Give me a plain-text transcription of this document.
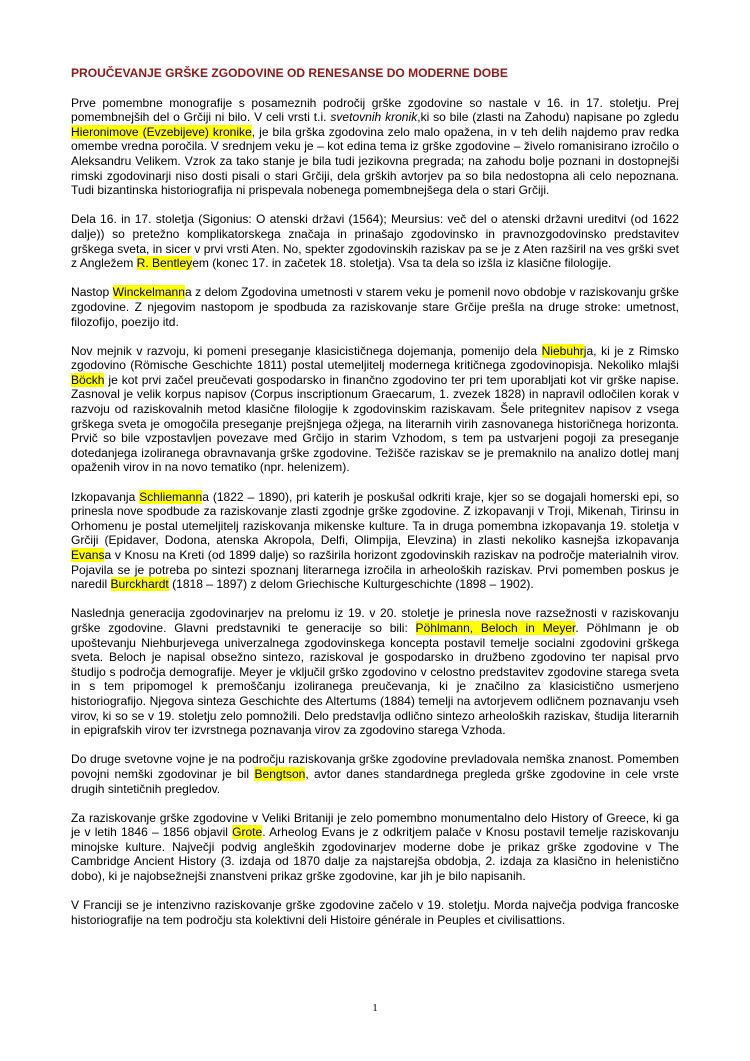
PROUČEVANJE GRŠKE ZGODOVINE OD RENESANSE DO MODERNE DOBE

Prve pomembne monografije s posameznih področij grške zgodovine so nastale v 16. in 17. stoletju. Prej pomembnejših del o Grčiji ni bilo. V celi vrsti t.i. svetovnih kronik,ki so bile (zlasti na Zahodu) napisane po zgledu Hieronimove (Evzebijeve) kronike, je bila grška zgodovina zelo malo opažena, in v teh delih najdemo prav redka omembe vredna poročila. V srednjem veku je – kot edina tema iz grške zgodovine – živelo romanisirano izročilo o Aleksandru Velikem. Vzrok za tako stanje je bila tudi jezikovna pregrada; na zahodu bolje poznani in dostopnejši rimski zgodovinarji niso dosti pisali o stari Grčiji, dela grških avtorjev pa so bila nedostopna ali celo nepoznana. Tudi bizantinska historiografija ni prispevala nobenega pomembnejšega dela o stari Grčiji.

Dela 16. in 17. stoletja (Sigonius: O atenski državi (1564); Meursius: več del o atenski državni ureditvi (od 1622 dalje)) so pretežno komplikatorskega značaja in prinašajo zgodovinsko in pravnozgodovinsko predstavitev grškega sveta, in sicer v prvi vrsti Aten. No, spekter zgodovinskih raziskav pa se je z Aten razširil na ves grški svet z Angležem R. Bentleyem (konec 17. in začetek 18. stoletja). Vsa ta dela so izšla iz klasične filologije.

Nastop Winckelmanna z delom Zgodovina umetnosti v starem veku je pomenil novo obdobje v raziskovanju grške zgodovine. Z njegovim nastopom je spodbuda za raziskovanje stare Grčije prešla na druge stroke: umetnost, filozofijo, poezijo itd.

Nov mejnik v razvoju, ki pomeni preseganje klasicističnega dojemanja, pomenijo dela Niebuhrja, ki je z Rimsko zgodovino (Römische Geschichte 1811) postal utemeljitelj modernega kritičnega zgodovinopisja. Nekoliko mlajši Böckh je kot prvi začel preučevati gospodarsko in finančno zgodovino ter pri tem uporabljati kot vir grške napise. Zasnoval je velik korpus napisov (Corpus inscriptionum Graecarum, 1. zvezek 1828) in napravil odločilen korak v razvoju od raziskovalnih metod klasične filologije k zgodovinskim raziskavam. Šele pritegnitev napisov z vsega grškega sveta je omogočila preseganje prejšnjega ožjega, na literarnih virih zasnovanega historičnega horizonta. Prvič so bile vzpostavljen povezave med Grčijo in starim Vzhodom, s tem pa ustvarjeni pogoji za preseganje dotedanjega izoliranega obravnavanja grške zgodovine. Težišče raziskav se je premaknilo na analizo dotlej manj opaženih virov in na novo tematiko (npr. helenizem).

Izkopavanja Schliemanna (1822 – 1890), pri katerih je poskušal odkriti kraje, kjer so se dogajali homerski epi, so prinesla nove spodbude za raziskovanje zlasti zgodnje grške zgodovine. Z izkopavanji v Troji, Mikenah, Tirinsu in Orhomenu je postal utemeljitelj raziskovanja mikenske kulture. Ta in druga pomembna izkopavanja 19. stoletja v Grčiji (Epidaver, Dodona, atenska Akropola, Delfi, Olimpija, Elevzina) in zlasti nekoliko kasnejša izkopavanja Evansa v Knosu na Kreti (od 1899 dalje) so razširila horizont zgodovinskih raziskav na področje materialnih virov. Pojavila se je potreba po sintezi spoznanj literarnega izročila in arheoloških raziskav. Prvi pomemben poskus je naredil Burckhardt (1818 – 1897) z delom Griechische Kulturgeschichte (1898 – 1902).

Naslednja generacija zgodovinarjev na prelomu iz 19. v 20. stoletje je prinesla nove razsežnosti v raziskovanju grške zgodovine. Glavni predstavniki te generacije so bili: Pöhlmann, Beloch in Meyer. Pöhlmann je ob upoštevanju Niehburjevega univerzalnega zgodovinskega koncepta postavil temelje socialni zgodovini grškega sveta. Beloch je napisal obsežno sintezo, raziskoval je gospodarsko in družbeno zgodovino ter napisal prvo študijo s področja demografije. Meyer je vključil grško zgodovino v celostno predstavitev zgodovine starega sveta in s tem pripomogel k premoščanju izoliranega preučevanja, ki je značilno za klasicistično usmerjeno historiografijo. Njegova sinteza Geschichte des Altertums (1884) temelji na avtorjevem odličnem poznavanju vseh virov, ki so se v 19. stoletju zelo pomnožili. Delo predstavlja odlično sintezo arheoloških raziskav, študija literarnih in epigrafskih virov ter izvrstnega poznavanja virov za zgodovino starega Vzhoda.

Do druge svetovne vojne je na področju raziskovanja grške zgodovine prevladovala nemška znanost. Pomemben povojni nemški zgodovinar je bil Bengtson, avtor danes standardnega pregleda grške zgodovine in cele vrste drugih sintetičnih pregledov.

Za raziskovanje grške zgodovine v Veliki Britaniji je zelo pomembno monumentalno delo History of Greece, ki ga je v letih 1846 – 1856 objavil Grote. Arheolog Evans je z odkritjem palače v Knosu postavil temelje raziskovanju minojske kulture. Največji podvig angleških zgodovinarjev moderne dobe je prikaz grške zgodovine v The Cambridge Ancient History (3. izdaja od 1870 dalje za najstarejša obdobja, 2. izdaja za klasično in helenistično dobo), ki je najobsežnejši znanstveni prikaz grške zgodovine, kar jih je bilo napisanih.

V Franciji se je intenzivno raziskovanje grške zgodovine začelo v 19. stoletju. Morda največja podviga francoske historiografije na tem področju sta kolektivni deli Histoire générale in Peuples et civilisattions.

1
